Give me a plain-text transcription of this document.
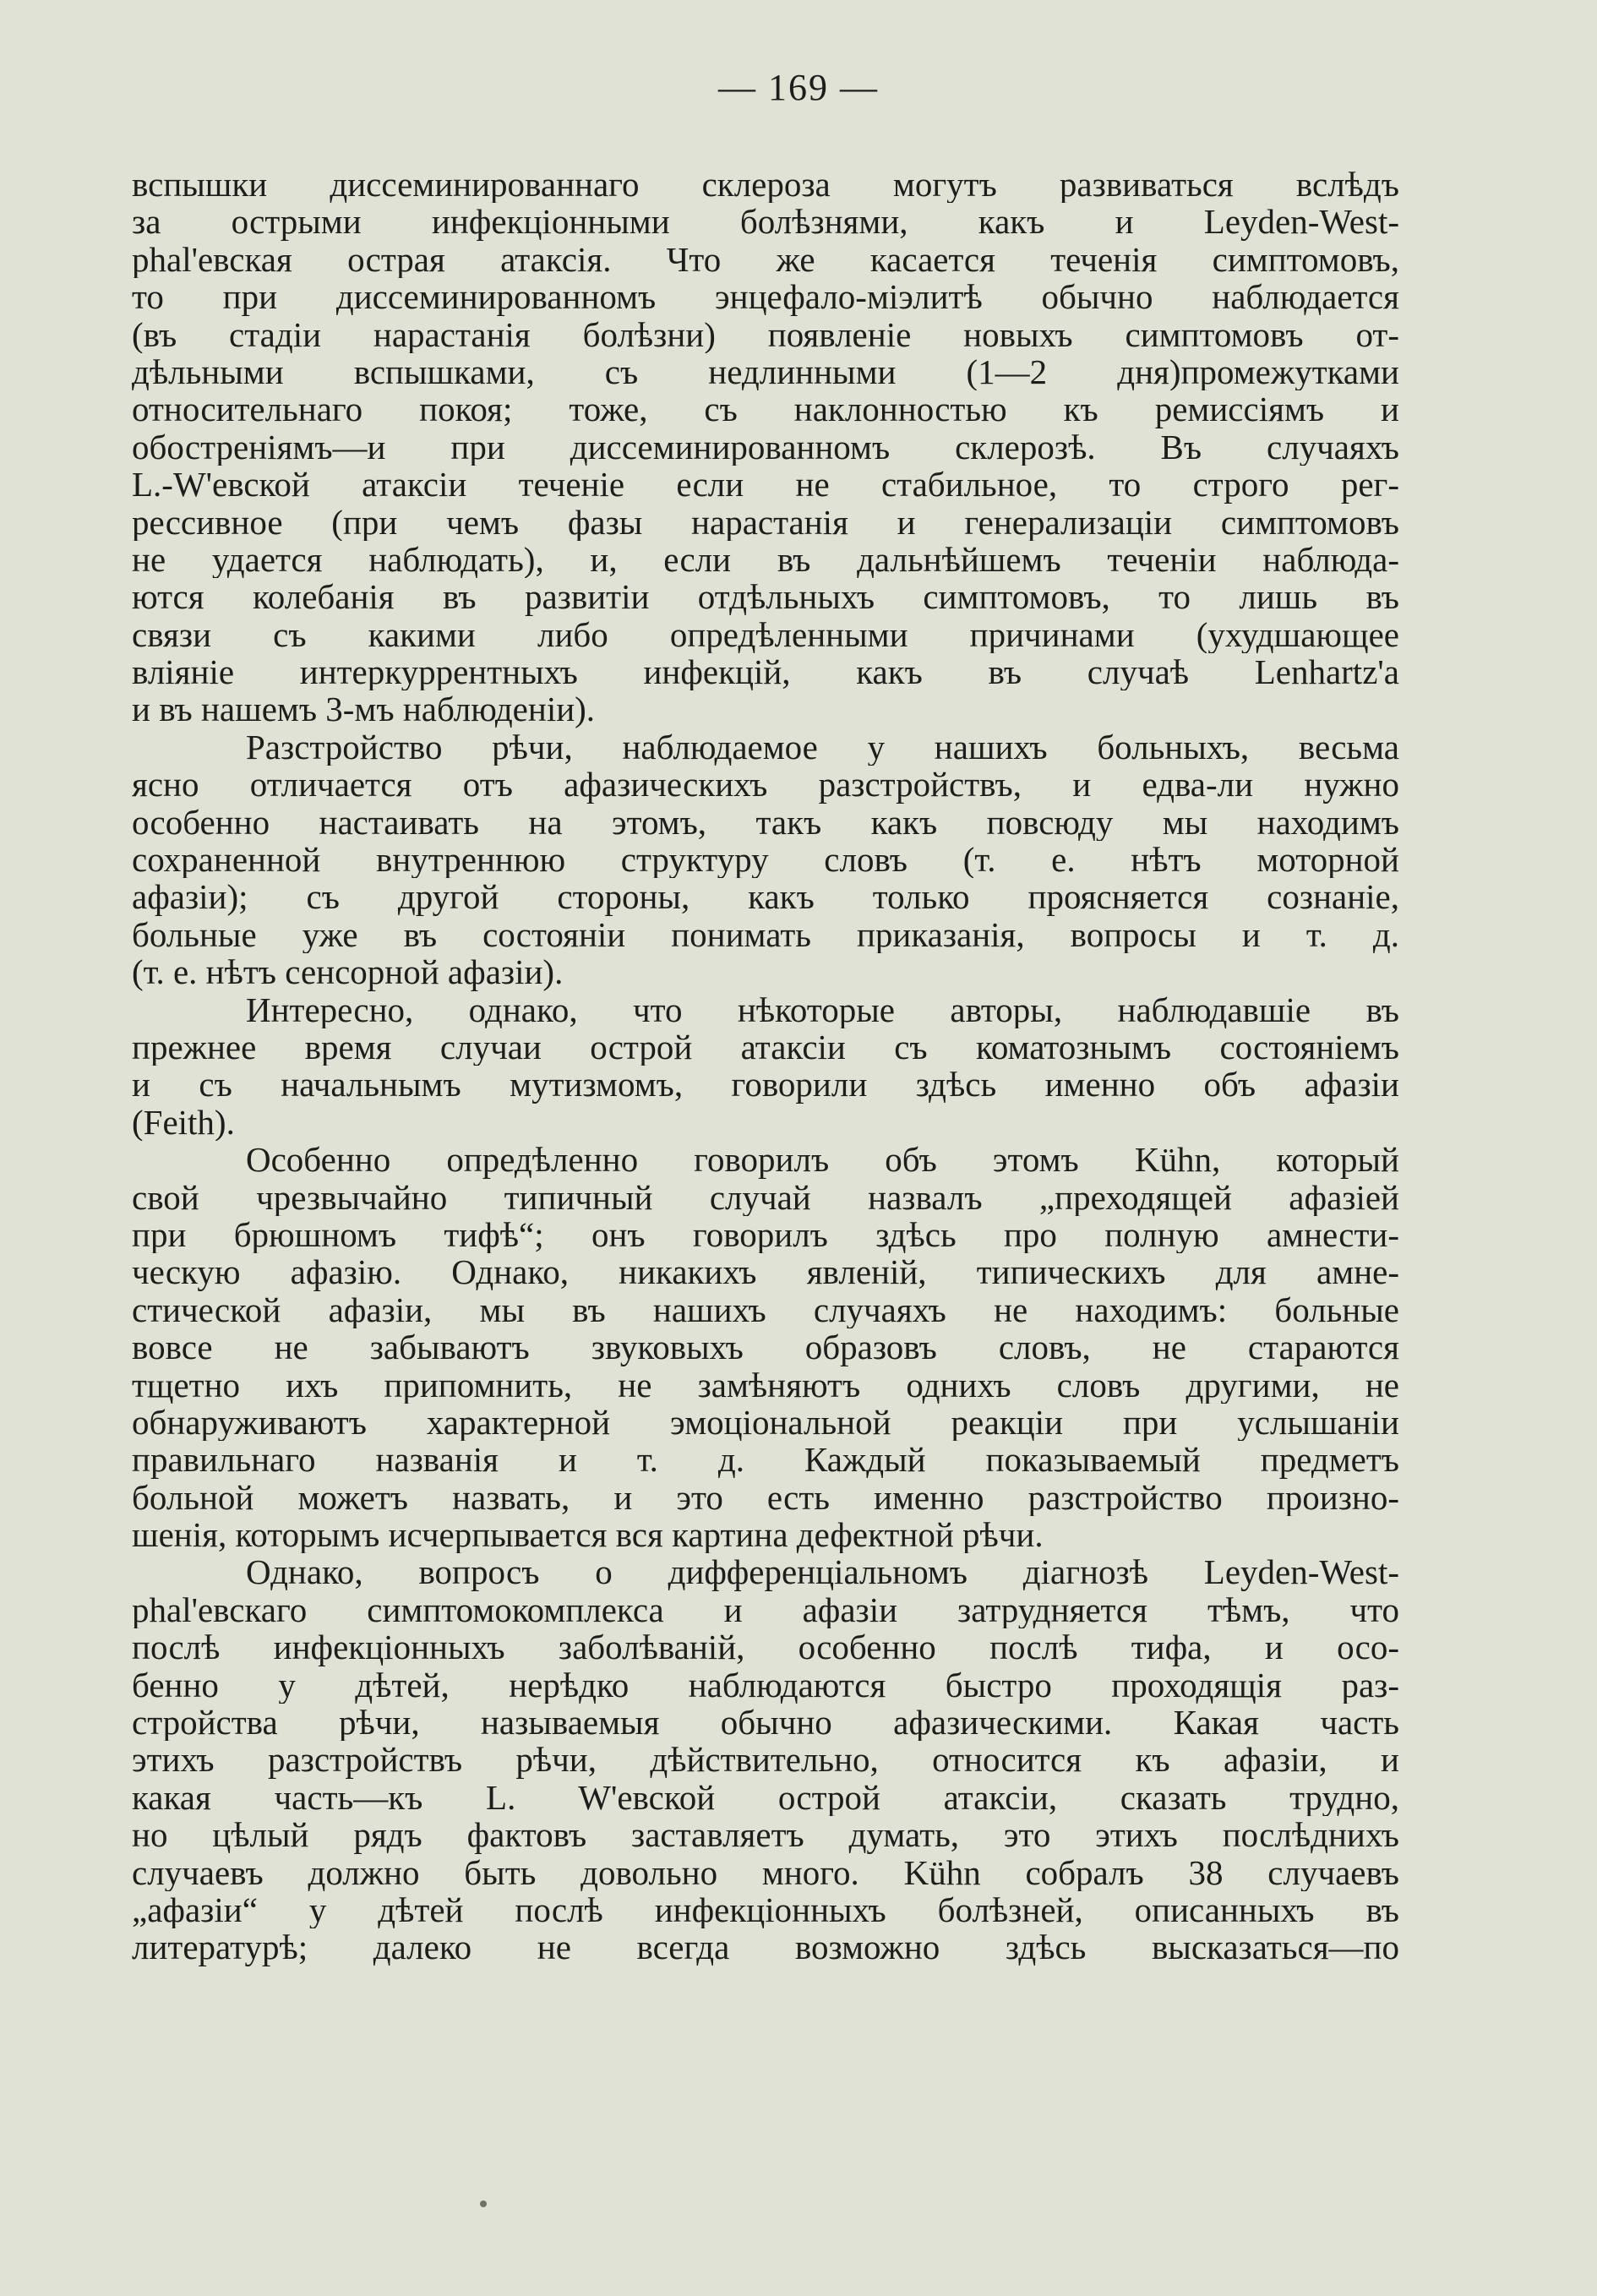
— 169 —
вспышки диссеминированнаго склероза могутъ развиваться вслѣдъ
за острыми инфекціонными болѣзнями, какъ и Leyden-West-
phal'евская острая атаксія. Что же касается теченія симптомовъ,
то при диссеминированномъ энцефало-міэлитѣ обычно наблюдается
(въ стадіи нарастанія болѣзни) появленіе новыхъ симптомовъ от-
дѣльными вспышками, съ недлинными (1—2 дня)промежутками
относительнаго покоя; тоже, съ наклонностью къ ремиссіямъ и
обостреніямъ—и при диссеминированномъ склерозѣ. Въ случаяхъ
L.-W'евской атаксіи теченіе если не стабильное, то строго рег-
рессивное (при чемъ фазы нарастанія и генерализаціи симптомовъ
не удается наблюдать), и, если въ дальнѣйшемъ теченіи наблюда-
ются колебанія въ развитіи отдѣльныхъ симптомовъ, то лишь въ
связи съ какими либо опредѣленными причинами (ухудшающее
вліяніе интеркуррентныхъ инфекцій, какъ въ случаѣ Lenhartz'a
и въ нашемъ 3-мъ наблюденіи).
Разстройство рѣчи, наблюдаемое у нашихъ больныхъ, весьма
ясно отличается отъ афазическихъ разстройствъ, и едва-ли нужно
особенно настаивать на этомъ, такъ какъ повсюду мы находимъ
сохраненной внутреннюю структуру словъ (т. е. нѣтъ моторной
афазіи); съ другой стороны, какъ только проясняется сознаніе,
больные уже въ состояніи понимать приказанія, вопросы и т. д.
(т. е. нѣтъ сенсорной афазіи).
Интересно, однако, что нѣкоторые авторы, наблюдавшіе въ
прежнее время случаи острой атаксіи съ коматознымъ состояніемъ
и съ начальнымъ мутизмомъ, говорили здѣсь именно объ афазіи
(Feith).
Особенно опредѣленно говорилъ объ этомъ Kühn, который
свой чрезвычайно типичный случай назвалъ „преходящей афазіей
при брюшномъ тифѣ“; онъ говорилъ здѣсь про полную амнести-
ческую афазію. Однако, никакихъ явленій, типическихъ для амне-
стической афазіи, мы въ нашихъ случаяхъ не находимъ: больные
вовсе не забываютъ звуковыхъ образовъ словъ, не стараются
тщетно ихъ припомнить, не замѣняютъ однихъ словъ другими, не
обнаруживаютъ характерной эмоціональной реакціи при услышаніи
правильнаго названія и т. д. Каждый показываемый предметъ
больной можетъ назвать, и это есть именно разстройство произно-
шенія, которымъ исчерпывается вся картина дефектной рѣчи.
Однако, вопросъ о дифференціальномъ діагнозѣ Leyden-West-
phal'евскаго симптомокомплекса и афазіи затрудняется тѣмъ, что
послѣ инфекціонныхъ заболѣваній, особенно послѣ тифа, и осо-
бенно у дѣтей, нерѣдко наблюдаются быстро проходящія раз-
стройства рѣчи, называемыя обычно афазическими. Какая часть
этихъ разстройствъ рѣчи, дѣйствительно, относится къ афазіи, и
какая часть—къ L. W'евской острой атаксіи, сказать трудно,
но цѣлый рядъ фактовъ заставляетъ думать, это этихъ послѣднихъ
случаевъ должно быть довольно много. Kühn собралъ 38 случаевъ
„афазіи“ у дѣтей послѣ инфекціонныхъ болѣзней, описанныхъ въ
литературѣ; далеко не всегда возможно здѣсь высказаться—по
